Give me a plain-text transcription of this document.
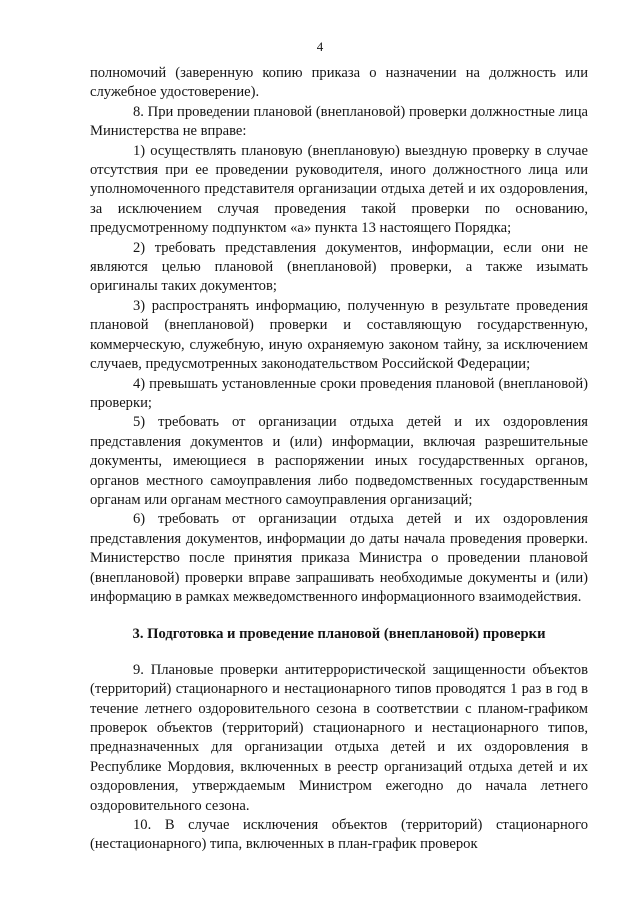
4

полномочий (заверенную копию приказа о назначении на должность или служебное удостоверение).

8. При проведении плановой (внеплановой) проверки должностные лица Министерства не вправе:

1) осуществлять плановую (внеплановую) выездную проверку в случае отсутствия при ее проведении руководителя, иного должностного лица или уполномоченного представителя организации отдыха детей и их оздоровления, за исключением случая проведения такой проверки по основанию, предусмотренному подпунктом «а» пункта 13 настоящего Порядка;

2) требовать представления документов, информации, если они не являются целью плановой (внеплановой) проверки, а также изымать оригиналы таких документов;

3) распространять информацию, полученную в результате проведения плановой (внеплановой) проверки и составляющую государственную, коммерческую, служебную, иную охраняемую законом тайну, за исключением случаев, предусмотренных законодательством Российской Федерации;

4) превышать установленные сроки проведения плановой (внеплановой) проверки;

5) требовать от организации отдыха детей и их оздоровления представления документов и (или) информации, включая разрешительные документы, имеющиеся в распоряжении иных государственных органов, органов местного самоуправления либо подведомственных государственным органам или органам местного самоуправления организаций;

6) требовать от организации отдыха детей и их оздоровления представления документов, информации до даты начала проведения проверки. Министерство после принятия приказа Министра о проведении плановой (внеплановой) проверки вправе запрашивать необходимые документы и (или) информацию в рамках межведомственного информационного взаимодействия.

3. Подготовка и проведение плановой (внеплановой) проверки

9. Плановые проверки антитеррористической защищенности объектов (территорий) стационарного и нестационарного типов проводятся 1 раз в год в течение летнего оздоровительного сезона в соответствии с планом-графиком проверок объектов (территорий) стационарного и нестационарного типов, предназначенных для организации отдыха детей и их оздоровления в Республике Мордовия, включенных в реестр организаций отдыха детей и их оздоровления, утверждаемым Министром ежегодно до начала летнего оздоровительного сезона.

10. В случае исключения объектов (территорий) стационарного (нестационарного) типа, включенных в план-график проверок
